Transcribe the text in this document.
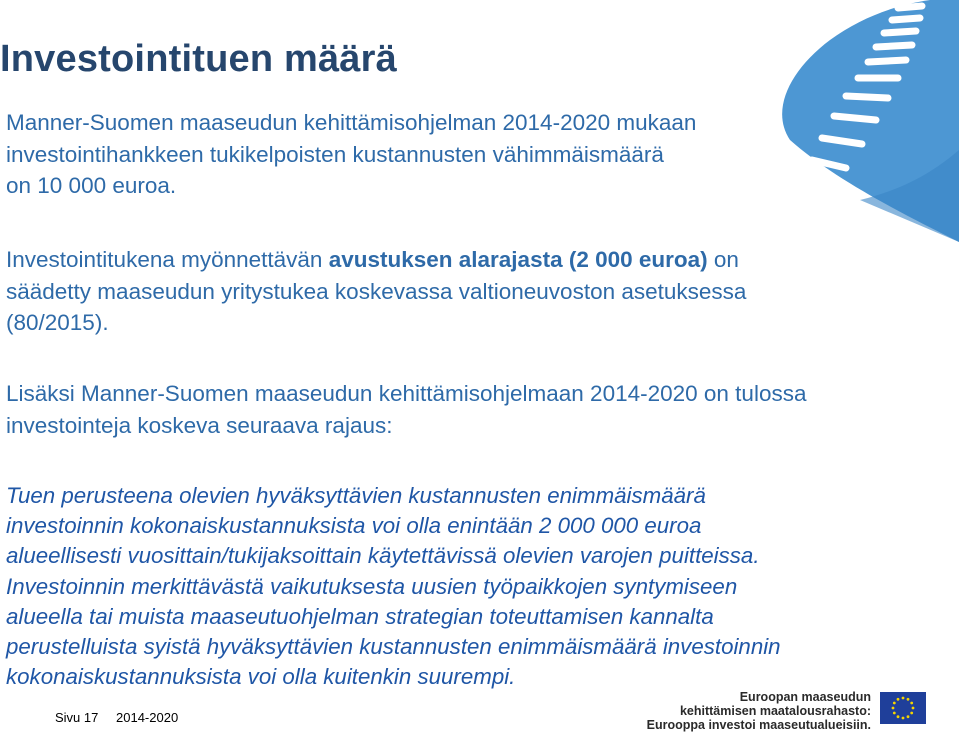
Investointituen määrä
Manner-Suomen maaseudun kehittämisohjelman 2014-2020 mukaan
investointihankkeen tukikelpoisten kustannusten vähimmäismäärä
on 10 000 euroa.
Investointitukena myönnettävän avustuksen alarajasta (2 000 euroa) on
säädetty maaseudun yritystukea koskevassa valtioneuvoston asetuksessa
(80/2015).
Lisäksi Manner-Suomen maaseudun kehittämisohjelmaan 2014-2020 on tulossa
investointeja koskeva seuraava rajaus:
Tuen perusteena olevien hyväksyttävien kustannusten enimmäismäärä
investoinnin kokonaiskustannuksista voi olla enintään 2 000 000 euroa
alueellisesti vuosittain/tukijaksoittain käytettävissä olevien varojen puitteissa.
Investoinnin merkittävästä vaikutuksesta uusien työpaikkojen syntymiseen
alueella tai muista maaseutuohjelman strategian toteuttamisen kannalta
perustelluista syistä hyväksyttävien kustannusten enimmäismäärä investoinnin
kokonaiskustannuksista voi olla kuitenkin suurempi.
Sivu 17 2014-2020
Euroopan maaseudun
kehittämisen maatalousrahasto:
Eurooppa investoi maaseutualueisiin.
